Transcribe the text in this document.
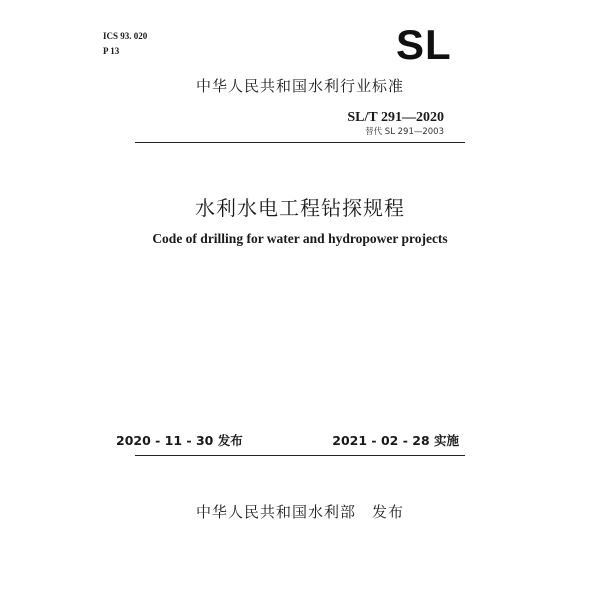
ICS 93. 020
P 13	SL
中华人民共和国水利行业标准
SL/T 291—2020
替代 SL 291—2003
水利水电工程钻探规程
Code of drilling for water and hydropower projects
2020 - 11 - 30 发布	2021 - 02 - 28 实施
中华人民共和国水利部 发布
